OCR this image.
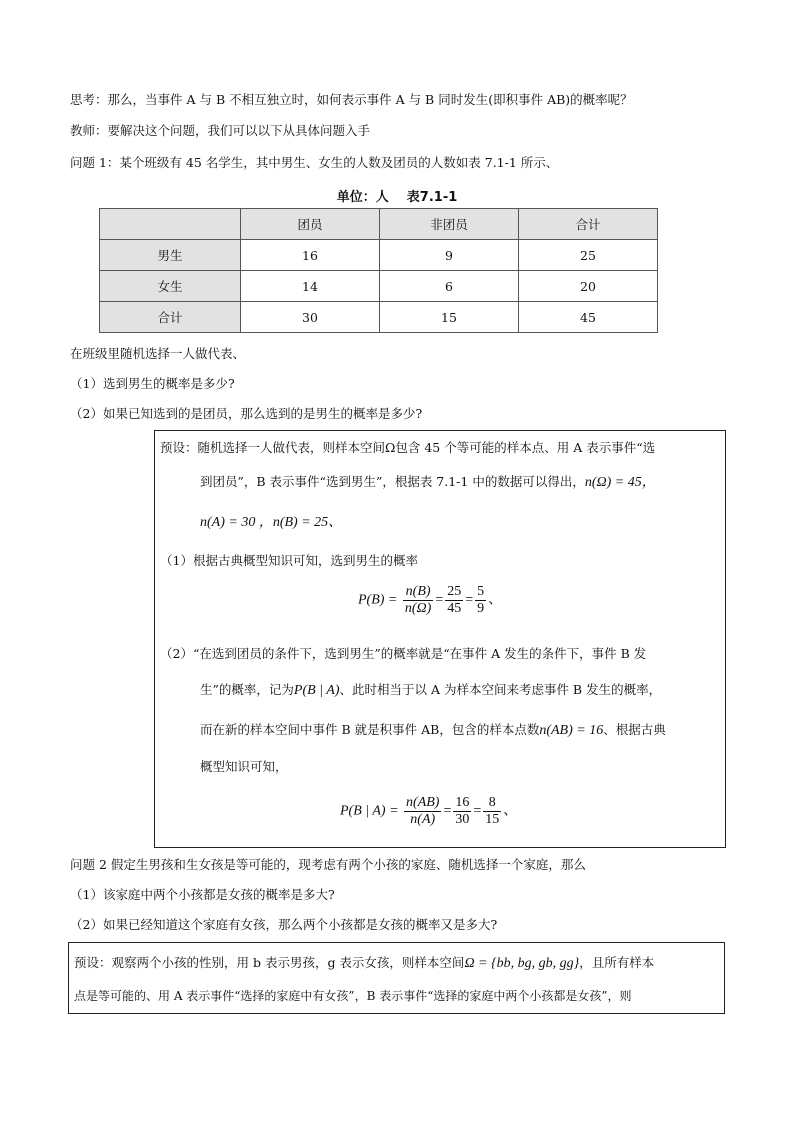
思考：那么，当事件 A 与 B 不相互独立时，如何表示事件 A 与 B 同时发生(即积事件 AB)的概率呢？
教师：要解决这个问题，我们可以以下从具体问题入手
问题 1：某个班级有 45 名学生，其中男生、女生的人数及团员的人数如表 7.1-1 所示、
单位：人    表7.1-1
	团员	非团员	合计
男生	16	9	25
女生	14	6	20
合计	30	15	45
在班级里随机选择一人做代表、
（1）选到男生的概率是多少?
（2）如果已知选到的是团员，那么选到的是男生的概率是多少?
预设：随机选择一人做代表，则样本空间Ω包含 45 个等可能的样本点、用 A 表示事件“选
到团员”，B 表示事件“选到男生”，根据表 7.1-1 中的数据可以得出，n(Ω) = 45，
n(A) = 30 ，n(B) = 25、
（1）根据古典概型知识可知，选到男生的概率
$P(B) = \frac{n(B)}{n(\Omega)} = \frac{25}{45} = \frac{5}{9}$ 、
（2）“在选到团员的条件下，选到男生”的概率就是“在事件 A 发生的条件下，事件 B 发
生”的概率，记为P(B | A)、此时相当于以 A 为样本空间来考虑事件 B 发生的概率，
而在新的样本空间中事件 B 就是积事件 AB，包含的样本点数n(AB) = 16、根据古典
概型知识可知，
P(B | $A) = \frac{n(AB)}{n(A)} = \frac{16}{30} = \frac{8}{15}$ 、
问题 2 假定生男孩和生女孩是等可能的，现考虑有两个小孩的家庭、随机选择一个家庭，那么
（1）该家庭中两个小孩都是女孩的概率是多大?
（2）如果已经知道这个家庭有女孩，那么两个小孩都是女孩的概率又是多大?
预设：观察两个小孩的性别，用 b 表示男孩，g 表示女孩，则样本空间Ω = {bb, bg, gb, gg}，且所有样本
点是等可能的、用 A 表示事件“选择的家庭中有女孩”，B 表示事件“选择的家庭中两个小孩都是女孩”，则
